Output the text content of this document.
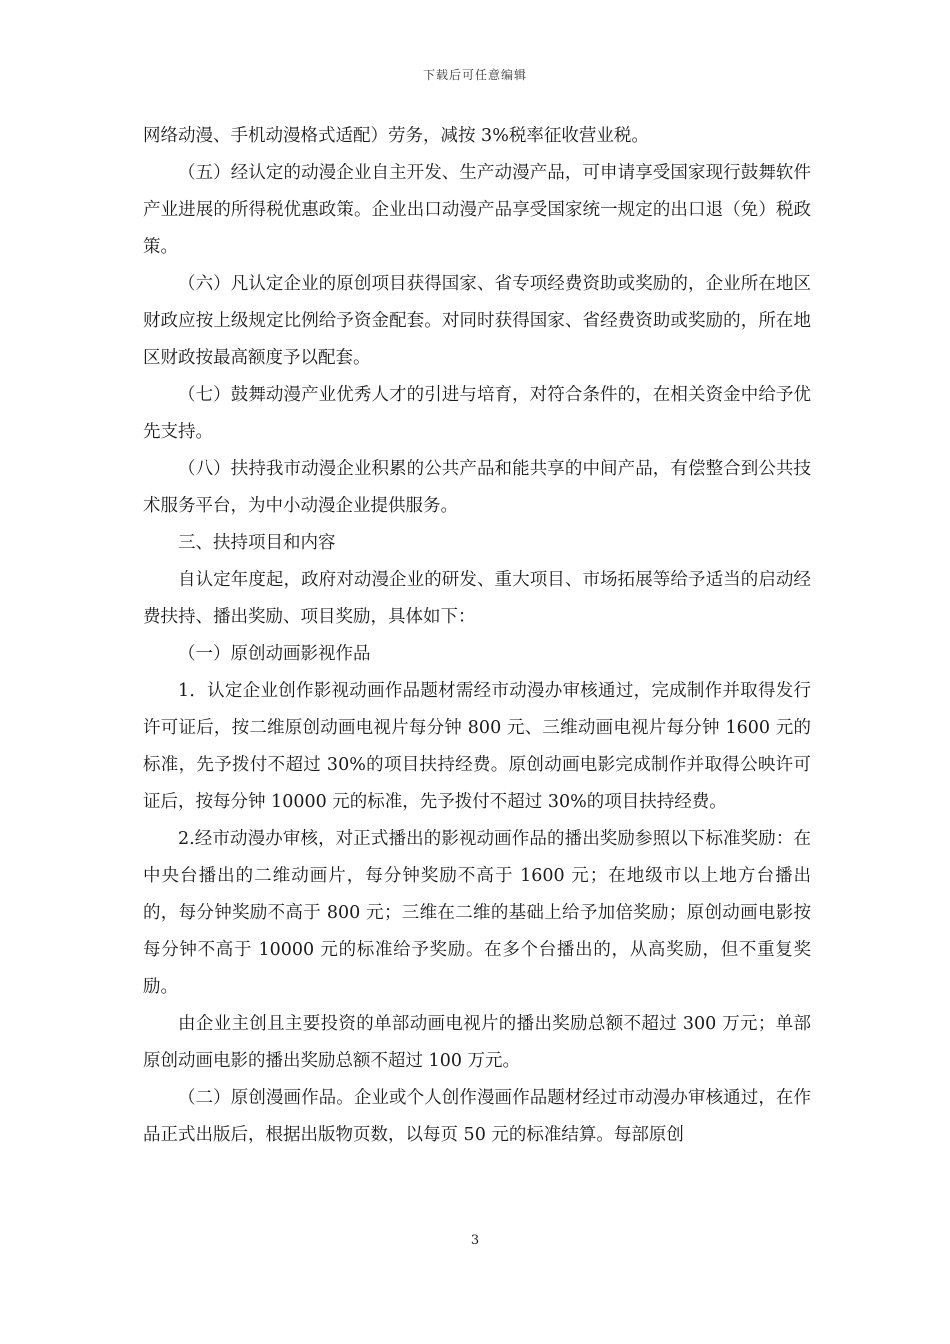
下载后可任意编辑

网络动漫、手机动漫格式适配）劳务，减按 3%税率征收营业税。

（五）经认定的动漫企业自主开发、生产动漫产品，可申请享受国家现行鼓舞软件产业进展的所得税优惠政策。企业出口动漫产品享受国家统一规定的出口退（免）税政策。

（六）凡认定企业的原创项目获得国家、省专项经费资助或奖励的，企业所在地区财政应按上级规定比例给予资金配套。对同时获得国家、省经费资助或奖励的，所在地区财政按最高额度予以配套。

（七）鼓舞动漫产业优秀人才的引进与培育，对符合条件的，在相关资金中给予优先支持。

（八）扶持我市动漫企业积累的公共产品和能共享的中间产品，有偿整合到公共技术服务平台，为中小动漫企业提供服务。

三、扶持项目和内容

自认定年度起，政府对动漫企业的研发、重大项目、市场拓展等给予适当的启动经费扶持、播出奖励、项目奖励，具体如下：

（一）原创动画影视作品

1．认定企业创作影视动画作品题材需经市动漫办审核通过，完成制作并取得发行许可证后，按二维原创动画电视片每分钟 800 元、三维动画电视片每分钟 1600 元的标准，先予拨付不超过 30%的项目扶持经费。原创动画电影完成制作并取得公映许可证后，按每分钟 10000 元的标准，先予拨付不超过 30%的项目扶持经费。

2.经市动漫办审核，对正式播出的影视动画作品的播出奖励参照以下标准奖励：在中央台播出的二维动画片，每分钟奖励不高于 1600 元；在地级市以上地方台播出的，每分钟奖励不高于 800 元；三维在二维的基础上给予加倍奖励；原创动画电影按每分钟不高于 10000 元的标准给予奖励。在多个台播出的，从高奖励，但不重复奖励。

由企业主创且主要投资的单部动画电视片的播出奖励总额不超过 300 万元；单部原创动画电影的播出奖励总额不超过 100 万元。

（二）原创漫画作品。企业或个人创作漫画作品题材经过市动漫办审核通过，在作品正式出版后，根据出版物页数，以每页 50 元的标准结算。每部原创

3
